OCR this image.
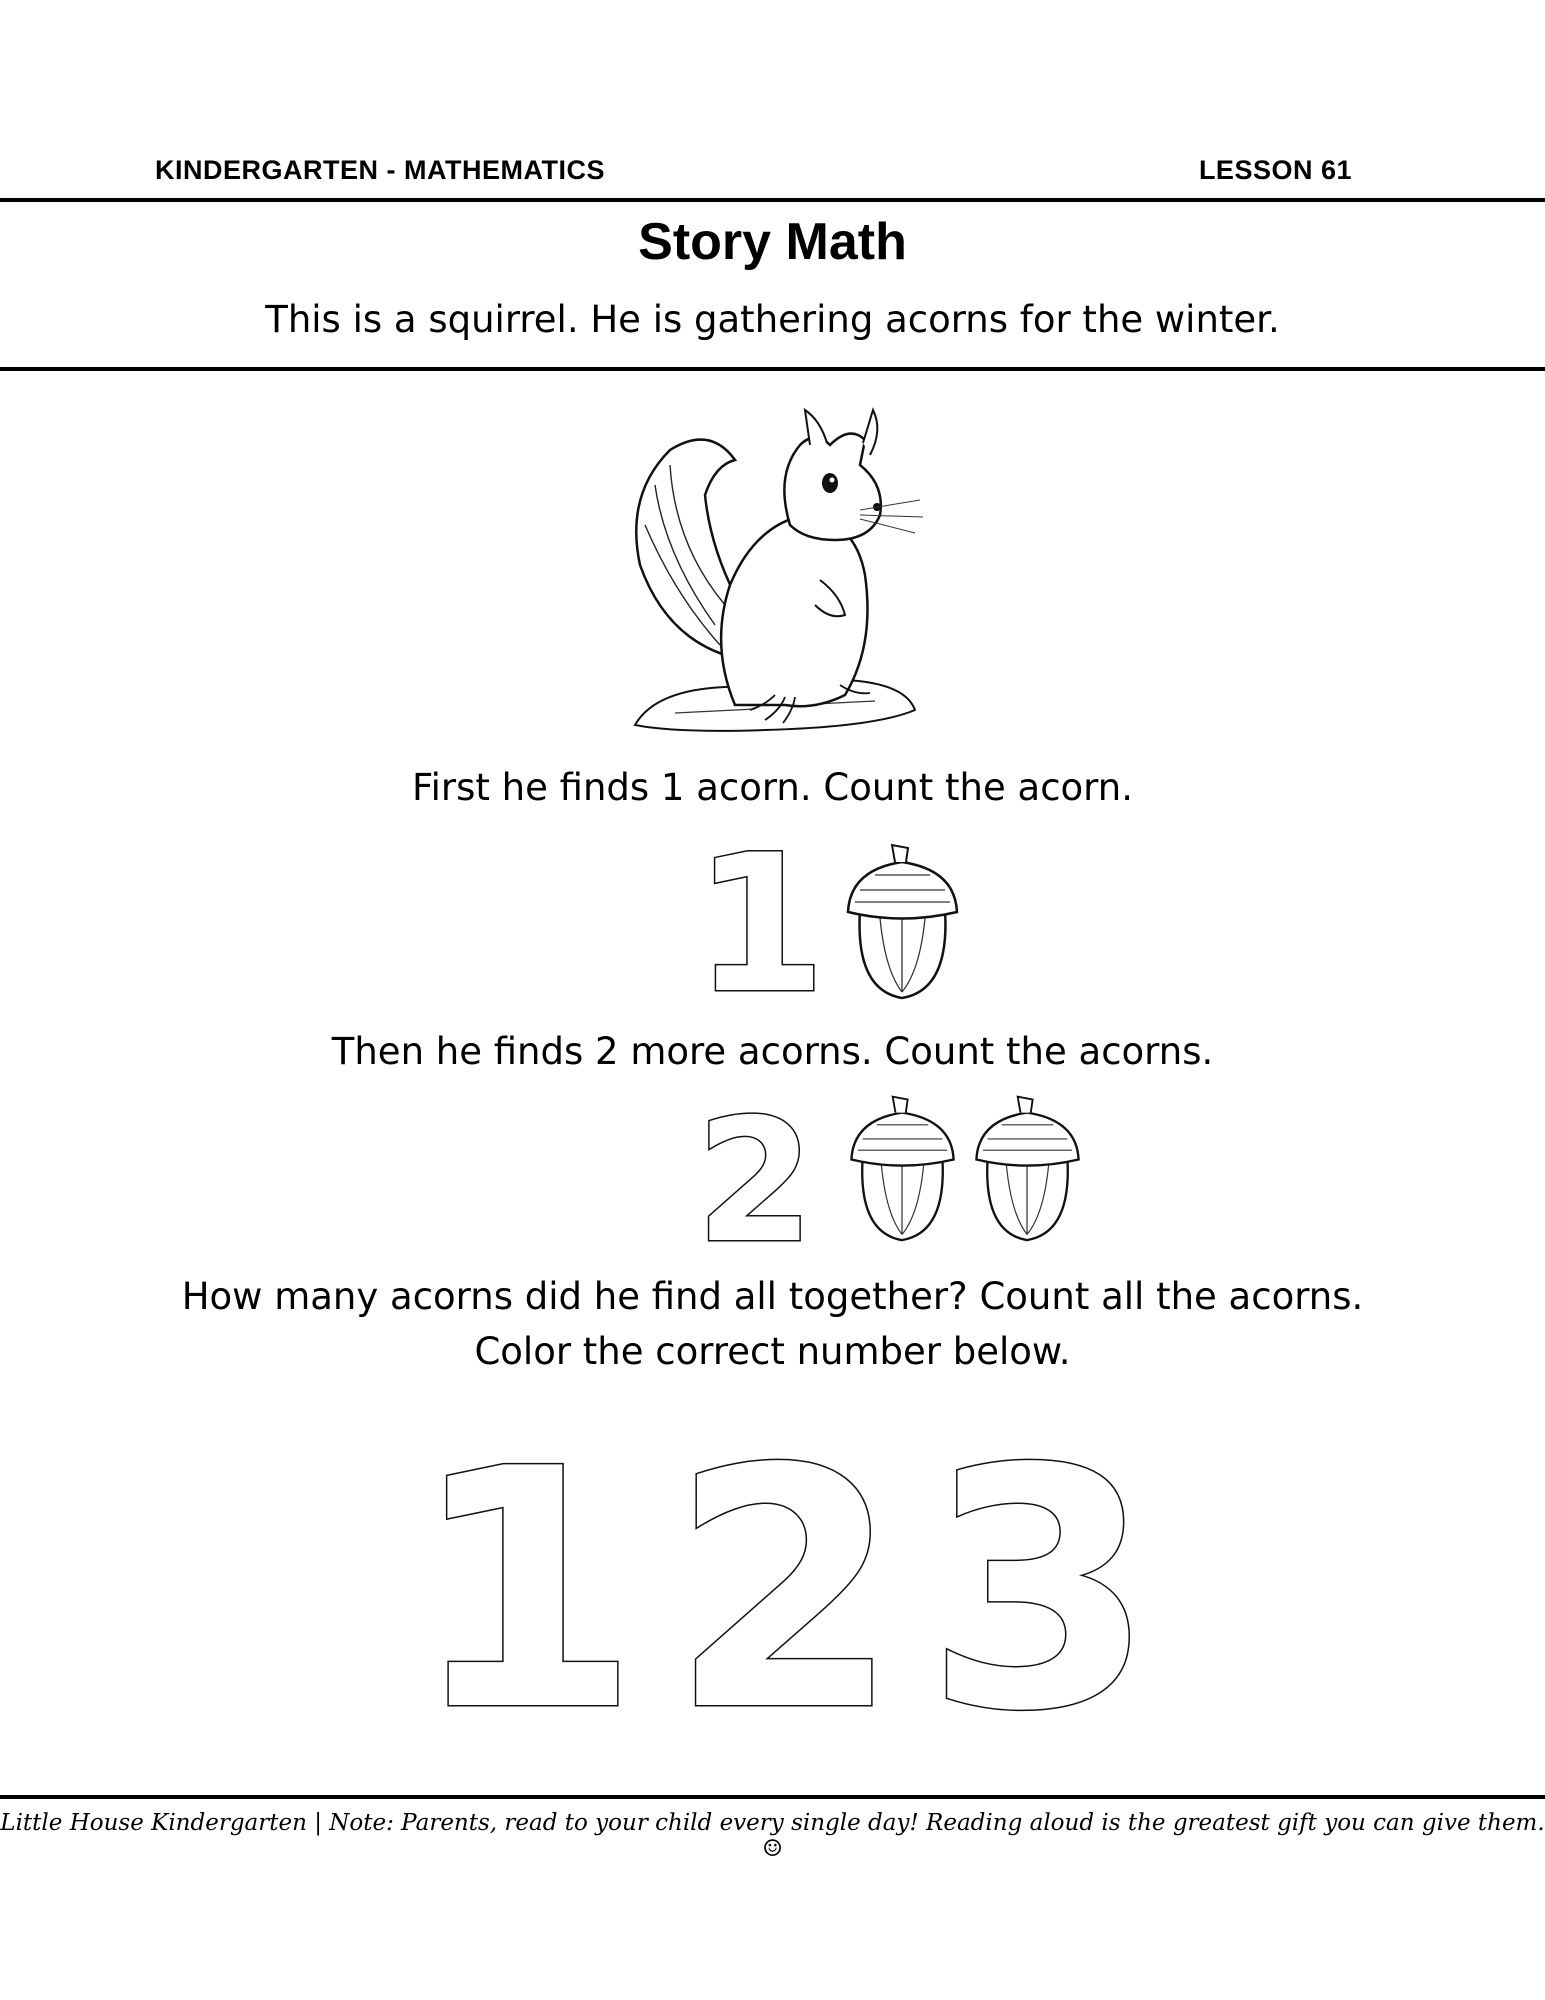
KINDERGARTEN - MATHEMATICS	LESSON 61
Story Math
This is a squirrel. He is gathering acorns for the winter.
First he finds 1 acorn. Count the acorn.
1
Then he finds 2 more acorns. Count the acorns.
2
How many acorns did he find all together? Count all the acorns.
Color the correct number below.
1 2 3
Little House Kindergarten | Note: Parents, read to your child every single day! Reading aloud is the greatest gift you can give them. ☺
